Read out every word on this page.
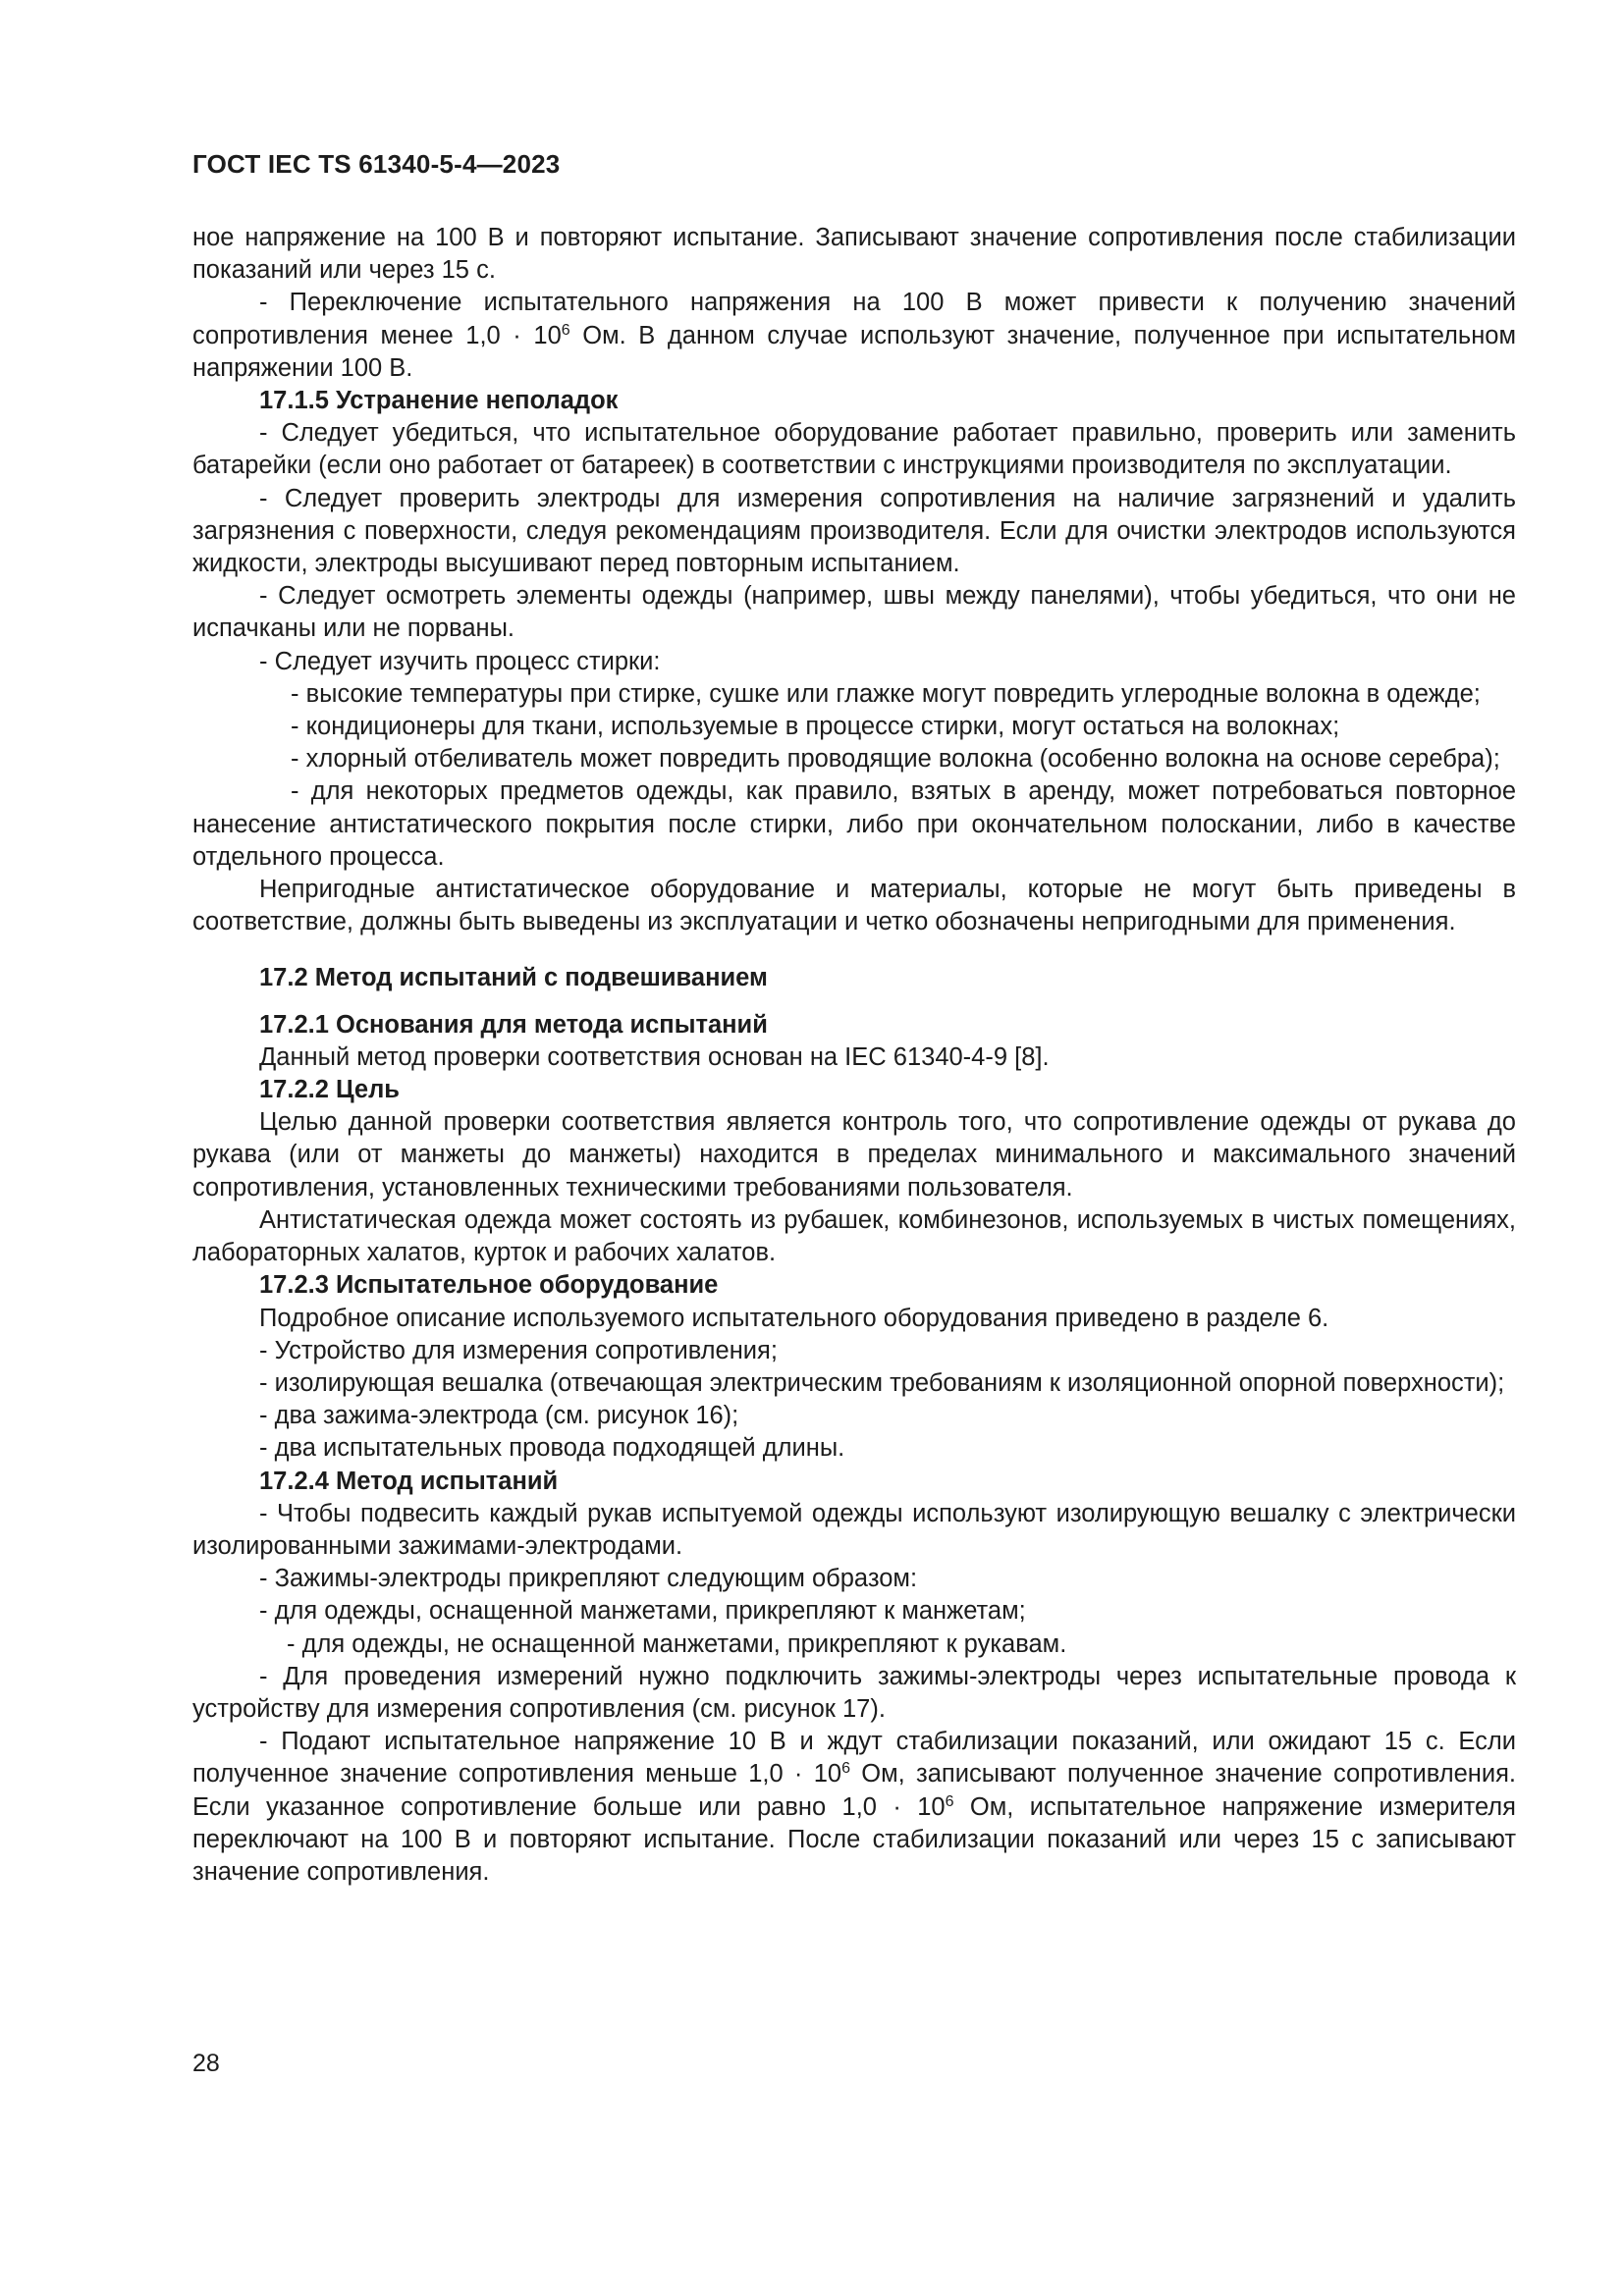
ГОСТ IEC TS 61340-5-4—2023

ное напряжение на 100 В и повторяют испытание. Записывают значение сопротивления после стабилизации показаний или через 15 с.

- Переключение испытательного напряжения на 100 В может привести к получению значений сопротивления менее $1,0 \cdot 10^6$ Ом. В данном случае используют значение, полученное при испытательном напряжении 100 В.

17.1.5 Устранение неполадок

- Следует убедиться, что испытательное оборудование работает правильно, проверить или заменить батарейки (если оно работает от батареек) в соответствии с инструкциями производителя по эксплуатации.

- Следует проверить электроды для измерения сопротивления на наличие загрязнений и удалить загрязнения с поверхности, следуя рекомендациям производителя. Если для очистки электродов используются жидкости, электроды высушивают перед повторным испытанием.

- Следует осмотреть элементы одежды (например, швы между панелями), чтобы убедиться, что они не испачканы или не порваны.

- Следует изучить процесс стирки:

- высокие температуры при стирке, сушке или глажке могут повредить углеродные волокна в одежде;

- кондиционеры для ткани, используемые в процессе стирки, могут остаться на волокнах;

- хлорный отбеливатель может повредить проводящие волокна (особенно волокна на основе серебра);

- для некоторых предметов одежды, как правило, взятых в аренду, может потребоваться повторное нанесение антистатического покрытия после стирки, либо при окончательном полоскании, либо в качестве отдельного процесса.

Непригодные антистатическое оборудование и материалы, которые не могут быть приведены в соответствие, должны быть выведены из эксплуатации и четко обозначены непригодными для применения.

17.2 Метод испытаний с подвешиванием

17.2.1 Основания для метода испытаний

Данный метод проверки соответствия основан на IEC 61340-4-9 [8].

17.2.2 Цель

Целью данной проверки соответствия является контроль того, что сопротивление одежды от рукава до рукава (или от манжеты до манжеты) находится в пределах минимального и максимального значений сопротивления, установленных техническими требованиями пользователя.

Антистатическая одежда может состоять из рубашек, комбинезонов, используемых в чистых помещениях, лабораторных халатов, курток и рабочих халатов.

17.2.3 Испытательное оборудование

Подробное описание используемого испытательного оборудования приведено в разделе 6.

- Устройство для измерения сопротивления;

- изолирующая вешалка (отвечающая электрическим требованиям к изоляционной опорной поверхности);

- два зажима-электрода (см. рисунок 16);

- два испытательных провода подходящей длины.

17.2.4 Метод испытаний

- Чтобы подвесить каждый рукав испытуемой одежды используют изолирующую вешалку с электрически изолированными зажимами-электродами.

- Зажимы-электроды прикрепляют следующим образом:

- для одежды, оснащенной манжетами, прикрепляют к манжетам;

- для одежды, не оснащенной манжетами, прикрепляют к рукавам.

- Для проведения измерений нужно подключить зажимы-электроды через испытательные провода к устройству для измерения сопротивления (см. рисунок 17).

- Подают испытательное напряжение 10 В и ждут стабилизации показаний, или ожидают 15 с. Если полученное значение сопротивления меньше $1,0 \cdot 10^6$ Ом, записывают полученное значение сопротивления. Если указанное сопротивление больше или равно $1,0 \cdot 10^6$ Ом, испытательное напряжение измерителя переключают на 100 В и повторяют испытание. После стабилизации показаний или через 15 с записывают значение сопротивления.

28
